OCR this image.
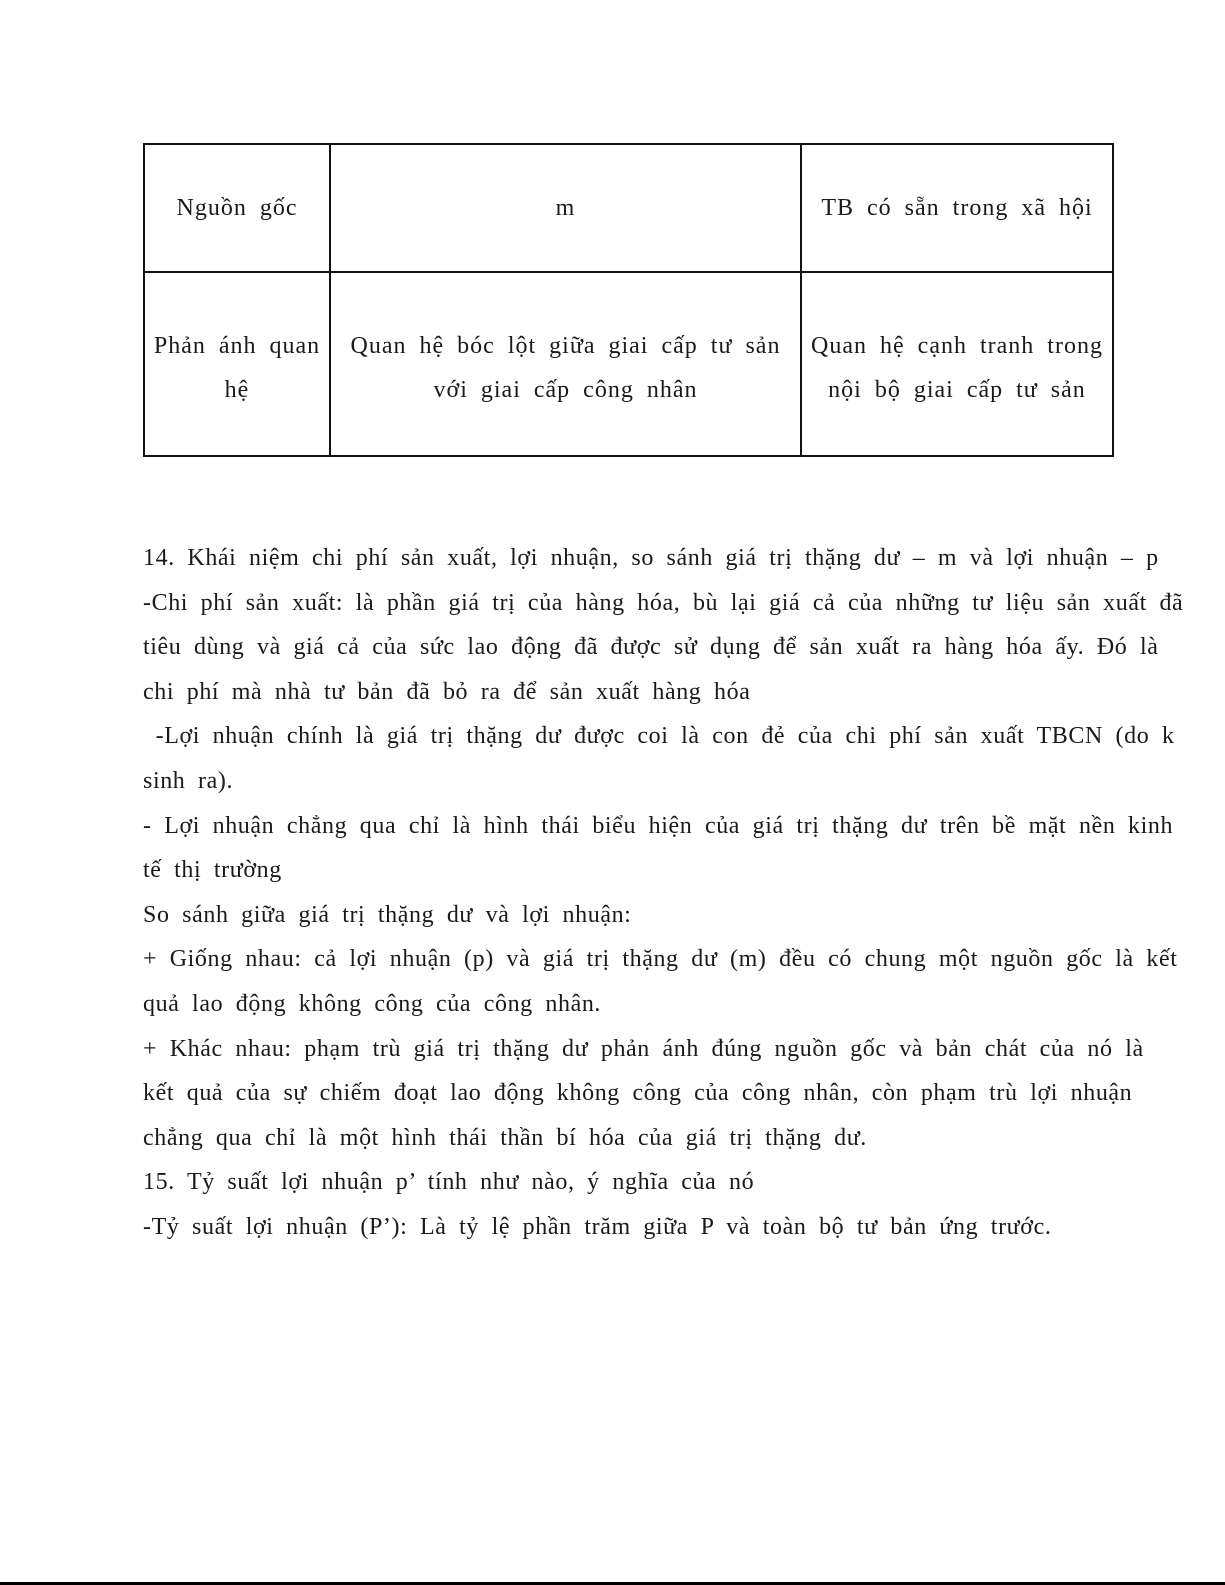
Nguồn gốc	m	TB có sẵn trong xã hội
Phản ánh quan hệ	Quan hệ bóc lột giữa giai cấp tư sản với giai cấp công nhân	Quan hệ cạnh tranh trong nội bộ giai cấp tư sản
14. Khái niệm chi phí sản xuất, lợi nhuận, so sánh giá trị thặng dư – m và lợi nhuận – p
-Chi phí sản xuất: là phần giá trị của hàng hóa, bù lại giá cả của những tư liệu sản xuất đã
tiêu dùng và giá cả của sức lao động đã được sử dụng để sản xuất ra hàng hóa ấy. Đó là
chi phí mà nhà tư bản đã bỏ ra để sản xuất hàng hóa
-Lợi nhuận chính là giá trị thặng dư được coi là con đẻ của chi phí sản xuất TBCN (do k
sinh ra).
- Lợi nhuận chẳng qua chỉ là hình thái biểu hiện của giá trị thặng dư trên bề mặt nền kinh
tế thị trường
So sánh giữa giá trị thặng dư và lợi nhuận:
+ Giống nhau: cả lợi nhuận (p) và giá trị thặng dư (m) đều có chung một nguồn gốc là kết
quả lao động không công của công nhân.
+ Khác nhau: phạm trù giá trị thặng dư phản ánh đúng nguồn gốc và bản chát của nó là
kết quả của sự chiếm đoạt lao động không công của công nhân, còn phạm trù lợi nhuận
chẳng qua chỉ là một hình thái thần bí hóa của giá trị thặng dư.
15. Tỷ suất lợi nhuận p’ tính như nào, ý nghĩa của nó
-Tỷ suất lợi nhuận (P’): Là tỷ lệ phần trăm giữa P và toàn bộ tư bản ứng trước.
